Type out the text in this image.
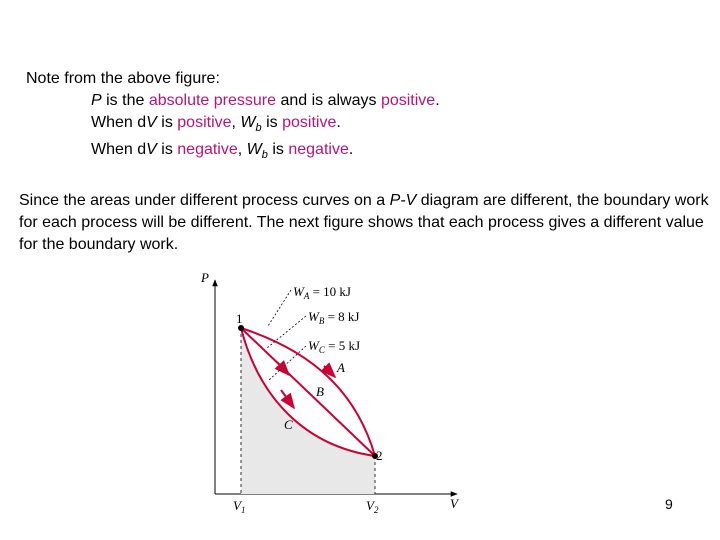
Note from the above figure:
P is the absolute pressure and is always positive.
When dV is positive, $W_b$ is positive.
When dV is negative, $W_b$ is negative.
Since the areas under different process curves on a P-V diagram are different, the boundary work for each process will be different. The next figure shows that each process gives a different value for the boundary work.
P
V
$V_1$	$V_2$
1
2
A
B
C
$W_A = 10$ kJ
$W_B = 8$ kJ
$W_C = 5$ kJ
9
